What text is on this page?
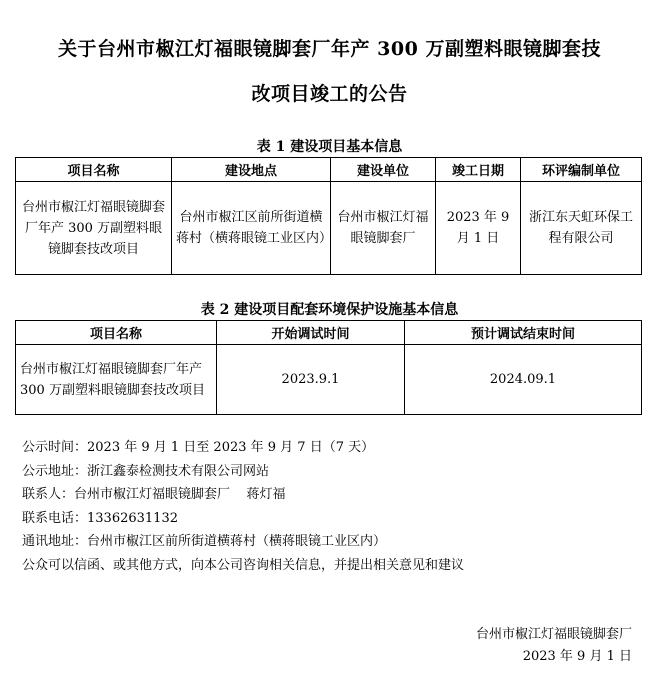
关于台州市椒江灯福眼镜脚套厂年产 300 万副塑料眼镜脚套技
改项目竣工的公告
表 1 建设项目基本信息
项目名称	建设地点	建设单位	竣工日期	环评编制单位
台州市椒江灯福眼镜脚套厂年产 300 万副塑料眼镜脚套技改项目	台州市椒江区前所街道横蒋村（横蒋眼镜工业区内）	台州市椒江灯福眼镜脚套厂	2023 年 9 月 1 日	浙江东天虹环保工程有限公司
表 2 建设项目配套环境保护设施基本信息
项目名称	开始调试时间	预计调试结束时间
台州市椒江灯福眼镜脚套厂年产 300 万副塑料眼镜脚套技改项目	2023.9.1	2024.09.1
公示时间：2023 年 9 月 1 日至 2023 年 9 月 7 日（7 天）
公示地址：浙江鑫泰检测技术有限公司网站
联系人：台州市椒江灯福眼镜脚套厂    蒋灯福
联系电话：13362631132
通讯地址：台州市椒江区前所街道横蒋村（横蒋眼镜工业区内）
公众可以信函、或其他方式，向本公司咨询相关信息，并提出相关意见和建议
台州市椒江灯福眼镜脚套厂
2023 年 9 月 1 日
